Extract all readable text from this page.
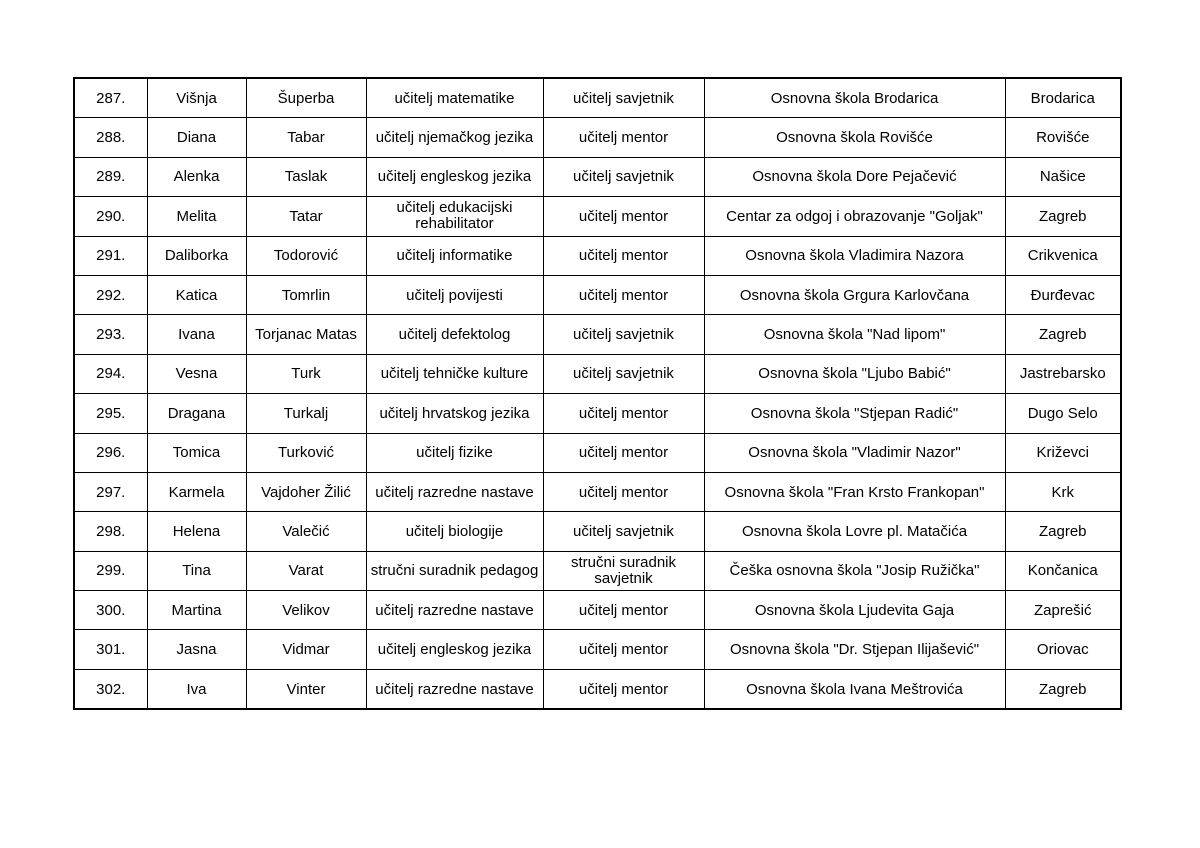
287.	Višnja	Šuperba	učitelj matematike	učitelj savjetnik	Osnovna škola Brodarica	Brodarica
288.	Diana	Tabar	učitelj njemačkog jezika	učitelj mentor	Osnovna škola Rovišće	Rovišće
289.	Alenka	Taslak	učitelj engleskog jezika	učitelj savjetnik	Osnovna škola Dore Pejačević	Našice
290.	Melita	Tatar	učitelj edukacijski rehabilitator	učitelj mentor	Centar za odgoj i obrazovanje "Goljak"	Zagreb
291.	Daliborka	Todorović	učitelj informatike	učitelj mentor	Osnovna škola Vladimira Nazora	Crikvenica
292.	Katica	Tomrlin	učitelj povijesti	učitelj mentor	Osnovna škola Grgura Karlovčana	Đurđevac
293.	Ivana	Torjanac Matas	učitelj defektolog	učitelj savjetnik	Osnovna škola "Nad lipom"	Zagreb
294.	Vesna	Turk	učitelj tehničke kulture	učitelj savjetnik	Osnovna škola "Ljubo Babić"	Jastrebarsko
295.	Dragana	Turkalj	učitelj hrvatskog jezika	učitelj mentor	Osnovna škola "Stjepan Radić"	Dugo Selo
296.	Tomica	Turković	učitelj fizike	učitelj mentor	Osnovna škola "Vladimir Nazor"	Križevci
297.	Karmela	Vajdoher Žilić	učitelj razredne nastave	učitelj mentor	Osnovna škola "Fran Krsto Frankopan"	Krk
298.	Helena	Valečić	učitelj biologije	učitelj savjetnik	Osnovna škola Lovre pl. Matačića	Zagreb
299.	Tina	Varat	stručni suradnik pedagog	stručni suradnik savjetnik	Češka osnovna škola "Josip Ružička"	Končanica
300.	Martina	Velikov	učitelj razredne nastave	učitelj mentor	Osnovna škola Ljudevita Gaja	Zaprešić
301.	Jasna	Vidmar	učitelj engleskog jezika	učitelj mentor	Osnovna škola "Dr. Stjepan Ilijašević"	Oriovac
302.	Iva	Vinter	učitelj razredne nastave	učitelj mentor	Osnovna škola Ivana Meštrovića	Zagreb
